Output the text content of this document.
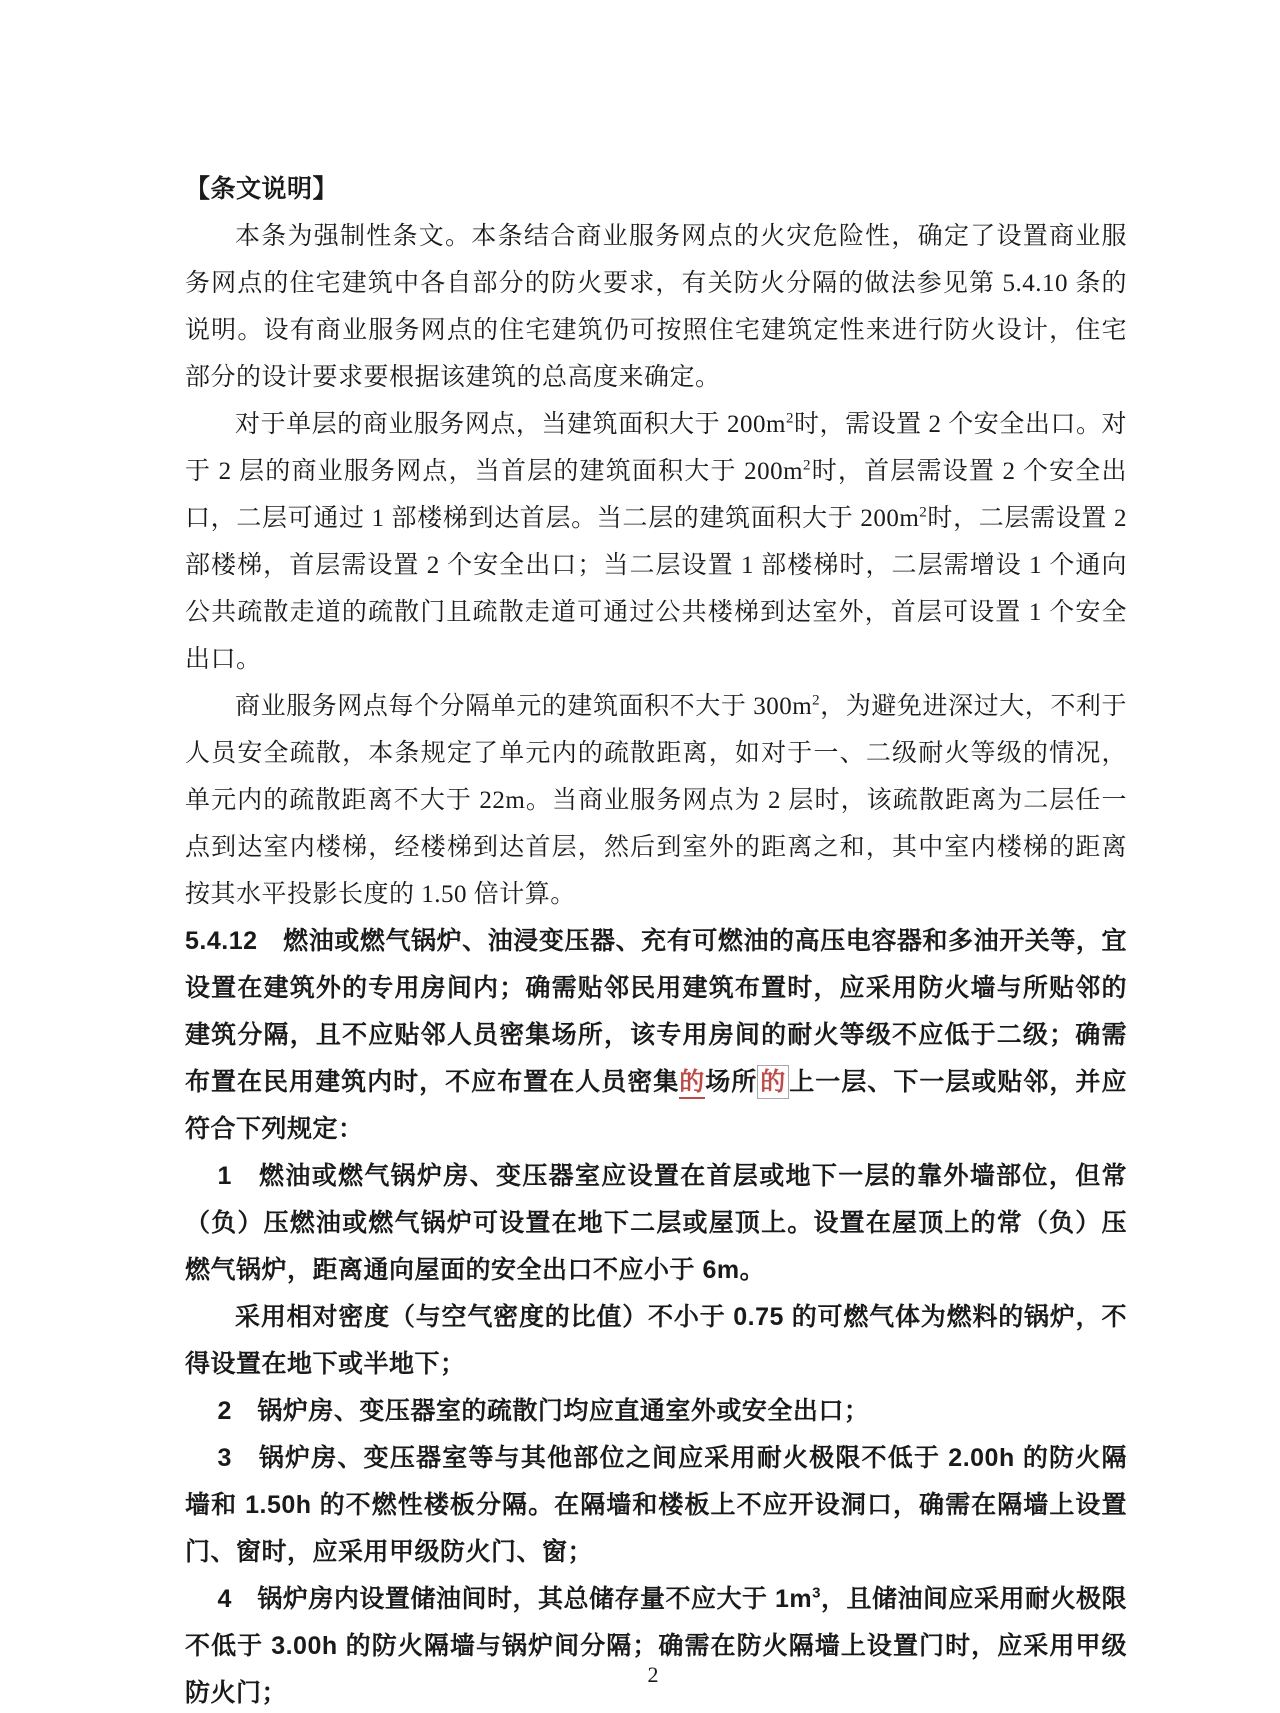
【条文说明】

本条为强制性条文。本条结合商业服务网点的火灾危险性，确定了设置商业服务网点的住宅建筑中各自部分的防火要求，有关防火分隔的做法参见第 5.4.10 条的说明。设有商业服务网点的住宅建筑仍可按照住宅建筑定性来进行防火设计，住宅部分的设计要求要根据该建筑的总高度来确定。

对于单层的商业服务网点，当建筑面积大于 $200m^2$时，需设置 2 个安全出口。对于 2 层的商业服务网点，当首层的建筑面积大于 $200m^2$时，首层需设置 2 个安全出口，二层可通过 1 部楼梯到达首层。当二层的建筑面积大于 $200m^2$时，二层需设置 2 部楼梯，首层需设置 2 个安全出口；当二层设置 1 部楼梯时，二层需增设 1 个通向公共疏散走道的疏散门且疏散走道可通过公共楼梯到达室外，首层可设置 1 个安全出口。

商业服务网点每个分隔单元的建筑面积不大于 $300m^2$，为避免进深过大，不利于人员安全疏散，本条规定了单元内的疏散距离，如对于一、二级耐火等级的情况，单元内的疏散距离不大于 22m。当商业服务网点为 2 层时，该疏散距离为二层任一点到达室内楼梯，经楼梯到达首层，然后到室外的距离之和，其中室内楼梯的距离按其水平投影长度的 1.50 倍计算。

5.4.12　燃油或燃气锅炉、油浸变压器、充有可燃油的高压电容器和多油开关等，宜设置在建筑外的专用房间内；确需贴邻民用建筑布置时，应采用防火墙与所贴邻的建筑分隔，且不应贴邻人员密集场所，该专用房间的耐火等级不应低于二级；确需布置在民用建筑内时，不应布置在人员密集的场所 的 上一层、下一层或贴邻，并应符合下列规定：

1　燃油或燃气锅炉房、变压器室应设置在首层或地下一层的靠外墙部位，但常（负）压燃油或燃气锅炉可设置在地下二层或屋顶上。设置在屋顶上的常（负）压燃气锅炉，距离通向屋面的安全出口不应小于 6m。

采用相对密度（与空气密度的比值）不小于 0.75 的可燃气体为燃料的锅炉，不得设置在地下或半地下；

2　锅炉房、变压器室的疏散门均应直通室外或安全出口；

3　锅炉房、变压器室等与其他部位之间应采用耐火极限不低于 2.00h 的防火隔墙和 1.50h 的不燃性楼板分隔。在隔墙和楼板上不应开设洞口，确需在隔墙上设置门、窗时，应采用甲级防火门、窗；

4　锅炉房内设置储油间时，其总储存量不应大于 $1m^3$，且储油间应采用耐火极限不低于 3.00h 的防火隔墙与锅炉间分隔；确需在防火隔墙上设置门时，应采用甲级防火门；

2
